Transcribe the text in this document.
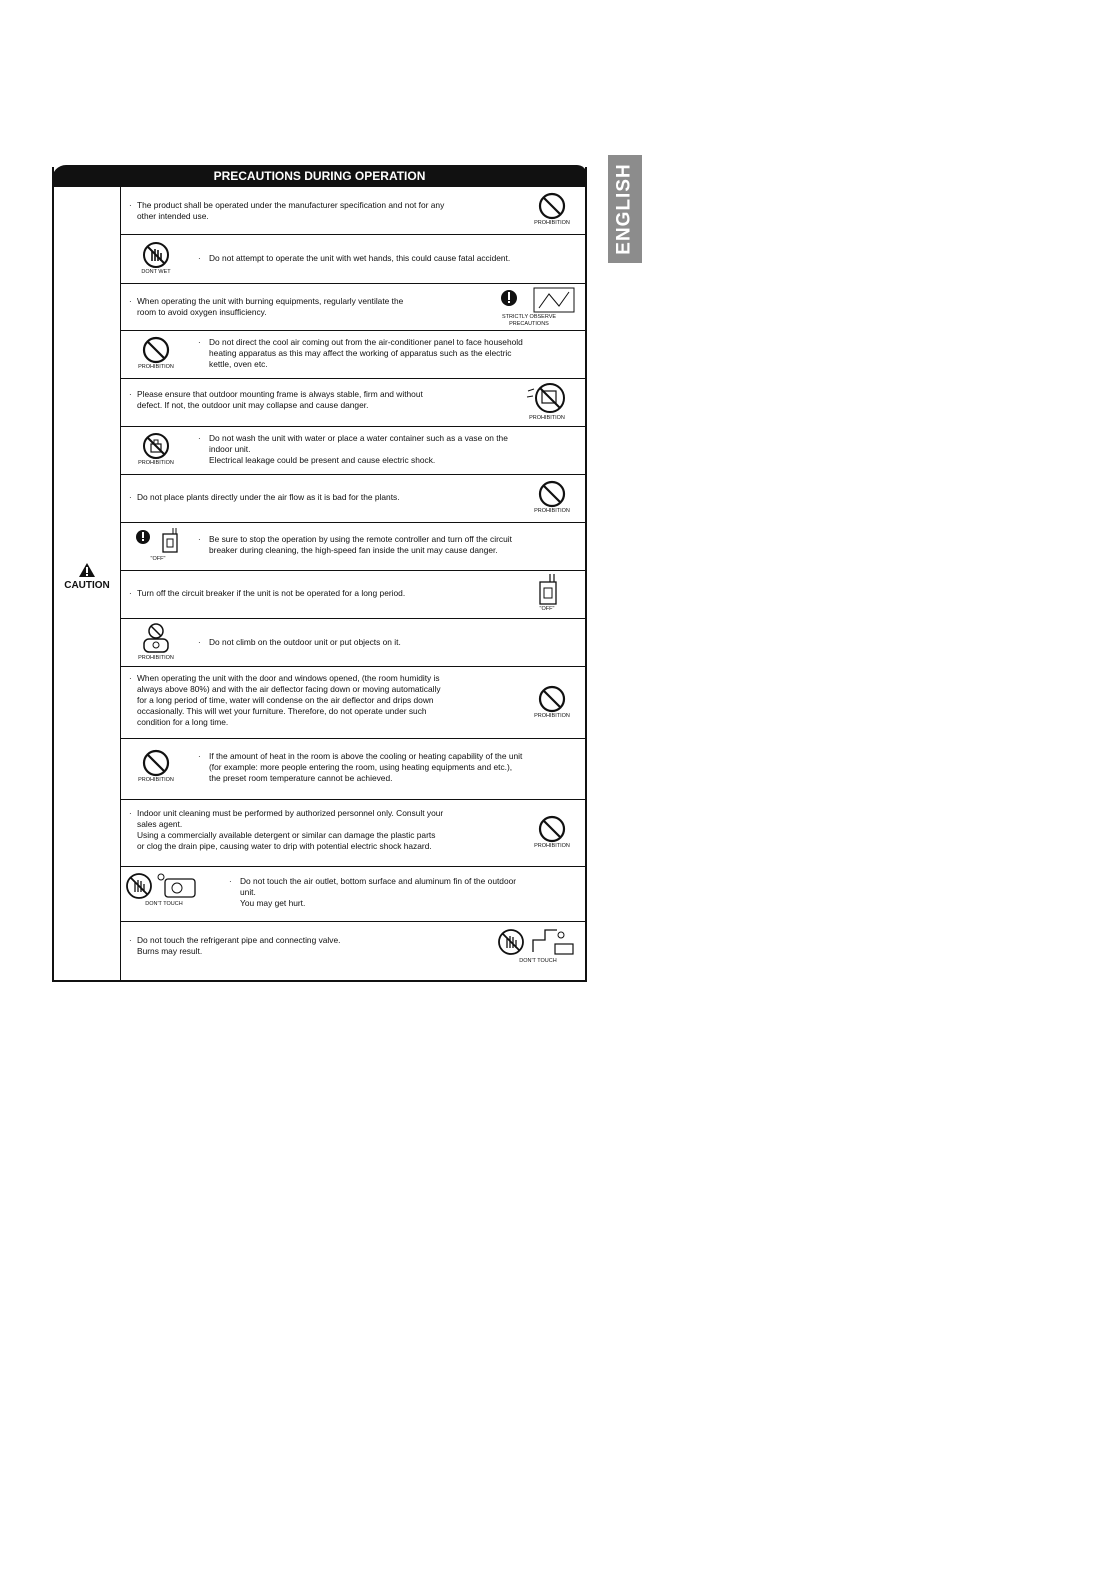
ENGLISH
PRECAUTIONS DURING OPERATION
CAUTION
· The product shall be operated under the manufacturer specification and not for any
other intended use.
PROHIBITION
DONT WET
· Do not attempt to operate the unit with wet hands, this could cause fatal accident.
· When operating the unit with burning equipments, regularly ventilate the
room to avoid oxygen insufficiency.	STRICTLY OBSERVE
PRECAUTIONS
PROHIBITION
· Do not direct the cool air coming out from the air-conditioner panel to face household
heating apparatus as this may affect the working of apparatus such as the electric
kettle, oven etc.
· Please ensure that outdoor mounting frame is always stable, firm and without
defect. If not, the outdoor unit may collapse and cause danger.
PROHIBITION
PROHIBITION
· Do not wash the unit with water or place a water container such as a vase on the
indoor unit.
Electrical leakage could be present and cause electric shock.
· Do not place plants directly under the air flow as it is bad for the plants.
PROHIBITION
"OFF"
· Be sure to stop the operation by using the remote controller and turn off the circuit
breaker during cleaning, the high-speed fan inside the unit may cause danger.
· Turn off the circuit breaker if the unit is not be operated for a long period.
"OFF"
PROHIBITION
· Do not climb on the outdoor unit or put objects on it.
· When operating the unit with the door and windows opened, (the room humidity is
always above 80%) and with the air deflector facing down or moving automatically
for a long period of time, water will condense on the air deflector and drips down
occasionally. This will wet your furniture. Therefore, do not operate under such
condition for a long time.
PROHIBITION
PROHIBITION
· If the amount of heat in the room is above the cooling or heating capability of the unit
(for example: more people entering the room, using heating equipments and etc.),
the preset room temperature cannot be achieved.
· Indoor unit cleaning must be performed by authorized personnel only. Consult your
sales agent.
Using a commercially available detergent or similar can damage the plastic parts
or clog the drain pipe, causing water to drip with potential electric shock hazard.	PROHIBITION
DON'T TOUCH
· Do not touch the air outlet, bottom surface and aluminum fin of the outdoor
unit.
You may get hurt.
· Do not touch the refrigerant pipe and connecting valve.
Burns may result.
DON'T TOUCH
